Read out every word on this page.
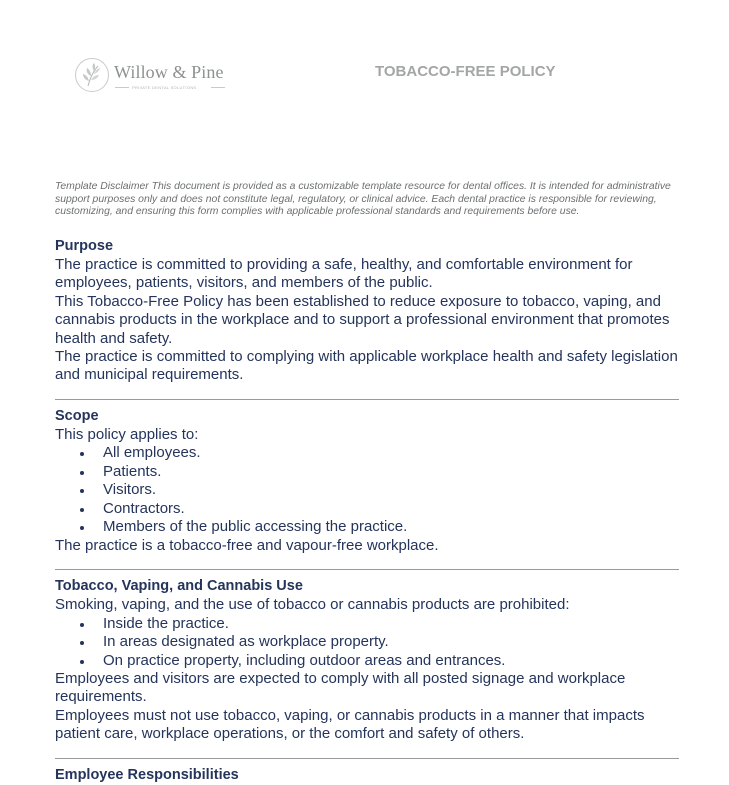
Willow & Pine
PRIVATE DENTAL SOLUTIONS
TOBACCO-FREE POLICY
Template Disclaimer This document is provided as a customizable template resource for dental offices. It is intended for administrative support purposes only and does not constitute legal, regulatory, or clinical advice. Each dental practice is responsible for reviewing, customizing, and ensuring this form complies with applicable professional standards and requirements before use.
Purpose

The practice is committed to providing a safe, healthy, and comfortable environment for employees, patients, visitors, and members of the public.

This Tobacco-Free Policy has been established to reduce exposure to tobacco, vaping, and cannabis products in the workplace and to support a professional environment that promotes health and safety.

The practice is committed to complying with applicable workplace health and safety legislation and municipal requirements.

Scope

This policy applies to:

All employees.
Patients.
Visitors.
Contractors.
Members of the public accessing the practice.

The practice is a tobacco-free and vapour-free workplace.

Tobacco, Vaping, and Cannabis Use

Smoking, vaping, and the use of tobacco or cannabis products are prohibited:

Inside the practice.
In areas designated as workplace property.
On practice property, including outdoor areas and entrances.

Employees and visitors are expected to comply with all posted signage and workplace requirements.

Employees must not use tobacco, vaping, or cannabis products in a manner that impacts patient care, workplace operations, or the comfort and safety of others.

Employee Responsibilities
